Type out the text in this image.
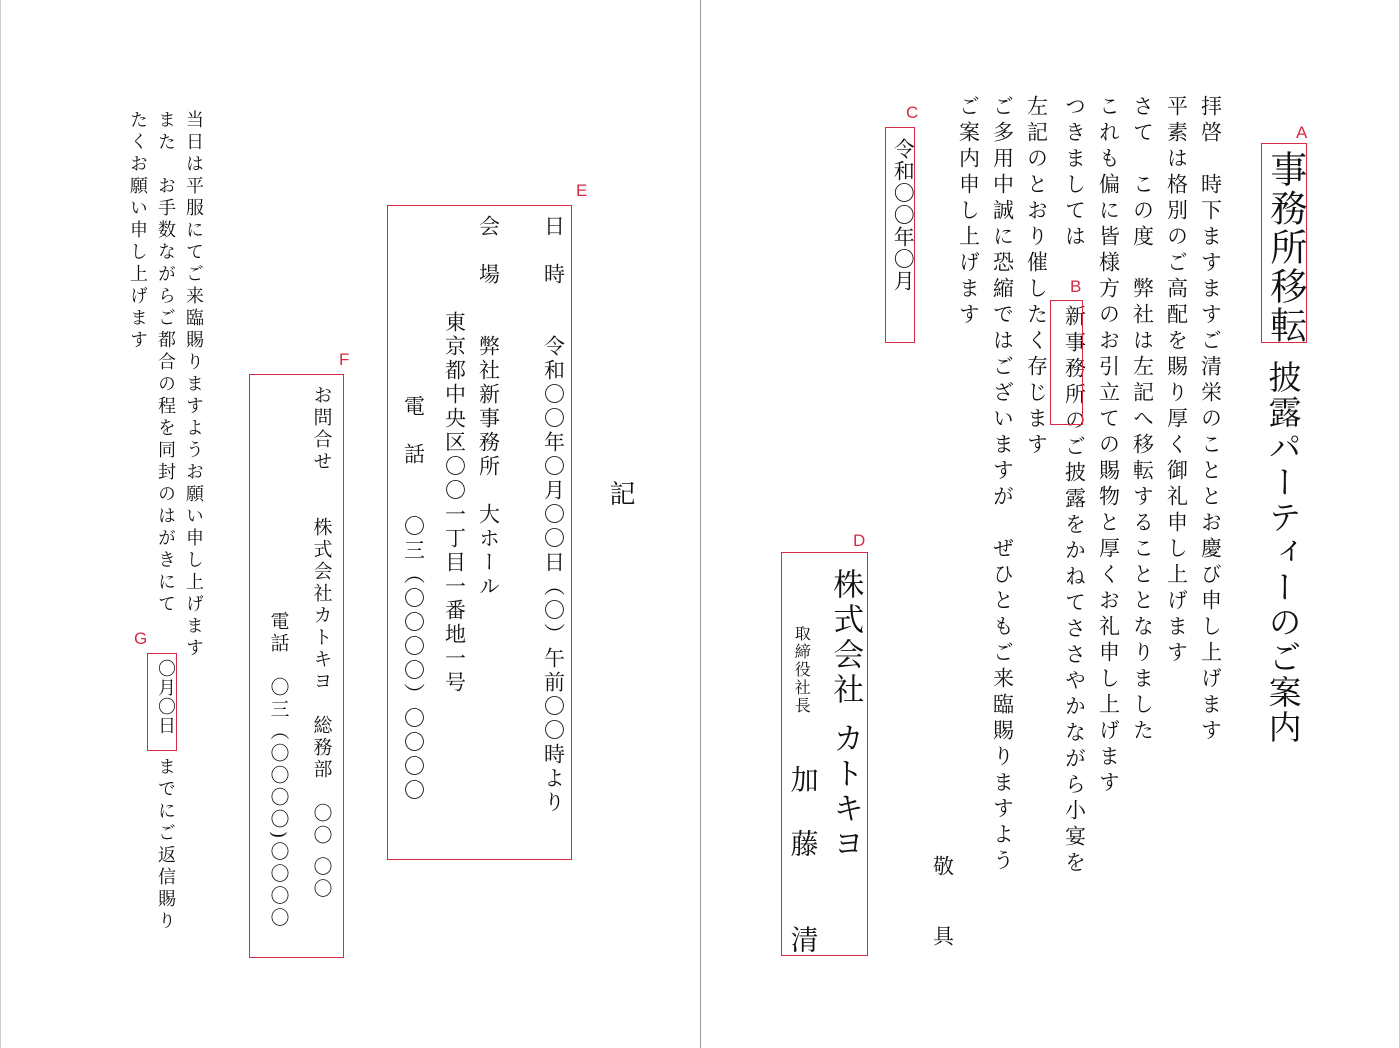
事務所移転
A
披露パーティーのご案内
拝啓　時下ますますご清栄のこととお慶び申し上げます
平素は格別のご高配を賜り厚く御礼申し上げます
さて　この度　弊社は左記へ移転することとなりました
これも偏に皆様方のお引立ての賜物と厚くお礼申し上げます
つきましては
新事務所のご披露をかねてささやかながら小宴を
B
左記のとおり催したく存じます
ご多用中誠に恐縮ではございますが　ぜひともご来臨賜りますよう
ご案内申し上げます
敬　具
令和〇〇年〇月
C
株式会社カトキヨ
取締役社長
加　藤　　清
D
記
日　時　　令和〇〇年〇月〇〇日（〇）午前〇〇時より
会　場　　弊社新事務所　大ホール
　　　　東京都中央区〇〇一丁目一番地一号
電　話　　〇三（〇〇〇〇）〇〇〇〇
E
お問合せ　　株式会社カトキヨ　総務部　〇〇 〇〇
　　　電話　〇三（〇〇〇〇)〇〇〇〇
F
当日は平服にてご来臨賜りますようお願い申し上げます
また　お手数ながらご都合の程を同封のはがきにて
〇月〇日
までにご返信賜り
たくお願い申し上げます
G
